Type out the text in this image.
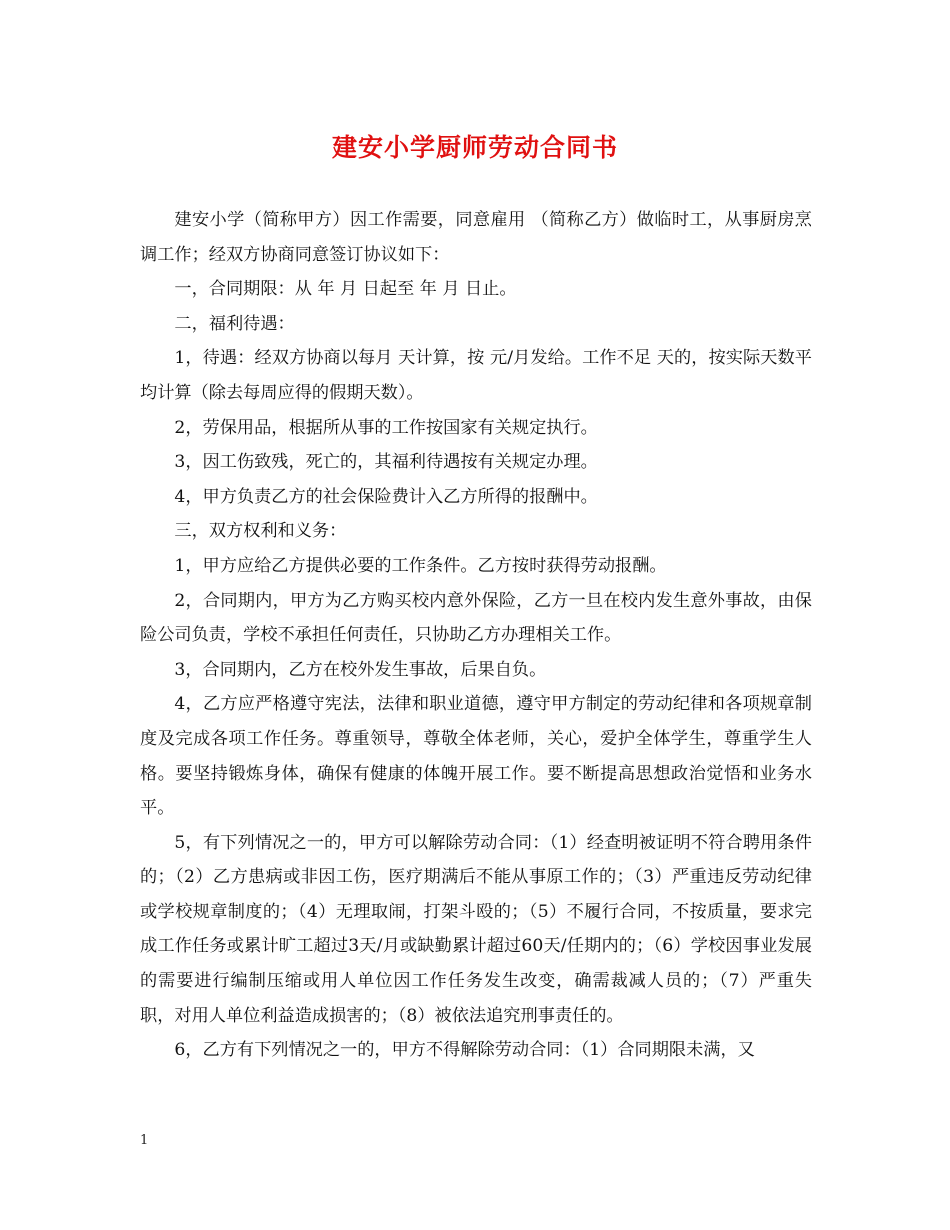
建安小学厨师劳动合同书

建安小学（简称甲方）因工作需要，同意雇用 （简称乙方）做临时工，从事厨房烹调工作；经双方协商同意签订协议如下：

一，合同期限：从 年 月 日起至 年 月 日止。

二，福利待遇：

1，待遇：经双方协商以每月 天计算，按 元/月发给。工作不足 天的，按实际天数平均计算（除去每周应得的假期天数）。

2，劳保用品，根据所从事的工作按国家有关规定执行。

3，因工伤致残，死亡的，其福利待遇按有关规定办理。

4，甲方负责乙方的社会保险费计入乙方所得的报酬中。

三，双方权利和义务：

1，甲方应给乙方提供必要的工作条件。乙方按时获得劳动报酬。

2，合同期内，甲方为乙方购买校内意外保险，乙方一旦在校内发生意外事故，由保险公司负责，学校不承担任何责任，只协助乙方办理相关工作。

3，合同期内，乙方在校外发生事故，后果自负。

4，乙方应严格遵守宪法，法律和职业道德，遵守甲方制定的劳动纪律和各项规章制度及完成各项工作任务。尊重领导，尊敬全体老师，关心，爱护全体学生，尊重学生人格。要坚持锻炼身体，确保有健康的体魄开展工作。要不断提高思想政治觉悟和业务水平。

5，有下列情况之一的，甲方可以解除劳动合同：（1）经查明被证明不符合聘用条件的；（2）乙方患病或非因工伤，医疗期满后不能从事原工作的；（3）严重违反劳动纪律或学校规章制度的；（4）无理取闹，打架斗殴的；（5）不履行合同，不按质量，要求完成工作任务或累计旷工超过3天/月或缺勤累计超过60天/任期内的；（6）学校因事业发展的需要进行编制压缩或用人单位因工作任务发生改变，确需裁减人员的；（7）严重失职，对用人单位利益造成损害的；（8）被依法追究刑事责任的。

6，乙方有下列情况之一的，甲方不得解除劳动合同：（1）合同期限未满，又

1
